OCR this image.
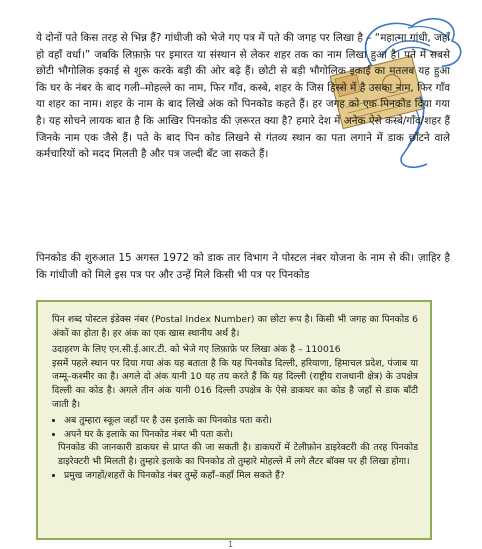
ये दोनों पते किस तरह से भिन्न हैं? गांधीजी को भेजे गए पत्र में पते की जगह पर लिखा है – “महात्मा गांधी, जहाँ हो वहाँ वर्धा।” जबकि लिफ़ाफ़े पर इमारत या संस्थान से लेकर शहर तक का नाम लिखा हुआ है। पते में सबसे छोटी भौगोलिक इकाई से शुरू करके बड़ी की ओर बढ़े हैं। छोटी से बड़ी भौगोलिक इकाई का मतलब यह हुआ कि घर के नंबर के बाद गली–मोहल्ले का नाम, फिर गाँव, कस्बे, शहर के जिस हिस्से में है उसका नाम, फिर गाँव या शहर का नाम। शहर के नाम के बाद लिखे अंक को पिनकोड कहते हैं। हर जगह को एक पिनकोड दिया गया है। यह सोचने लायक बात है कि आखिर पिनकोड की ज़रूरत क्या है? हमारे देश में अनेक ऐसे कस्बे/गाँव/शहर हैं जिनके नाम एक जैसे हैं। पते के बाद पिन कोड लिखने से गंतव्य स्थान का पता लगाने में डाक छाँटने वाले कर्मचारियों को मदद मिलती है और पत्र जल्दी बँट जा सकते हैं।

पिनकोड की शुरुआत 15 अगस्त 1972 को डाक तार विभाग ने पोस्टल नंबर योजना के नाम से की। ज़ाहिर है कि गांधीजी को मिले इस पत्र पर और उन्हें मिले किसी भी पत्र पर पिनकोड

पिन शब्द पोस्टल इंडेक्स नंबर (Postal Index Number) का छोटा रूप है। किसी भी जगह का पिनकोड 6 अंकों का होता है। हर अंक का एक खास स्थानीय अर्थ है।

उदाहरण के लिए एन.सी.ई.आर.टी. को भेजे गए लिफ़ाफ़े पर लिखा अंक है – 110016

इसमें पहले स्थान पर दिया गया अंक यह बताता है कि यह पिनकोड दिल्ली, हरियाणा, हिमाचल प्रदेश, पंजाब या जम्मू–कश्मीर का है। अगले दो अंक यानी 10 यह तय करते हैं कि यह दिल्ली (राष्ट्रीय राजधानी क्षेत्र) के उपक्षेत्र दिल्ली का कोड है। अगले तीन अंक यानी 016 दिल्ली उपक्षेत्र के ऐसे डाकघर का कोड है जहाँ से डाक बाँटी जाती है।

• अब तुम्हारा स्कूल जहाँ पर है उस इलाके का पिनकोड पता करो।
• अपने घर के इलाके का पिनकोड नंबर भी पता करो।
पिनकोड की जानकारी डाकघर से प्राप्त की जा सकती है। डाकघरों में टेलीफ़ोन डाइरेक्टरी की तरह पिनकोड डाइरेक्टरी भी मिलती है। तुम्हारे इलाके का पिनकोड तो तुम्हारे मोहल्ले में लगे लैटर बॉक्स पर ही लिखा होगा।
• प्रमुख जगहों/शहरों के पिनकोड नंबर तुम्हें कहाँ–कहाँ मिल सकते हैं?
1
